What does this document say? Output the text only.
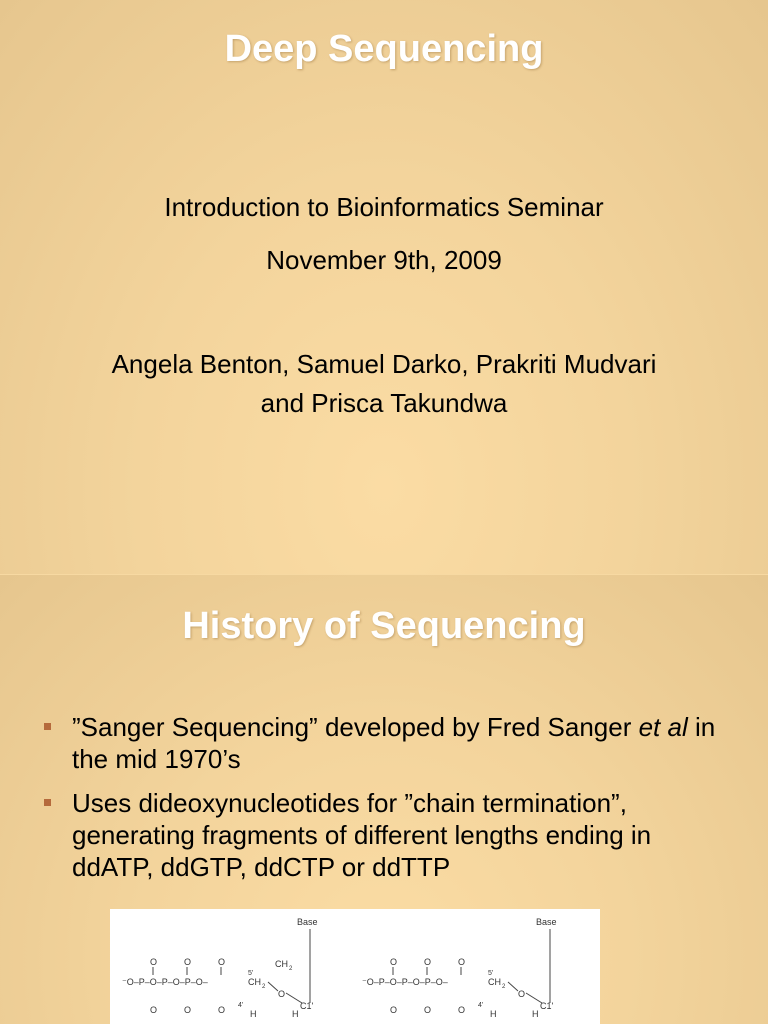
Deep Sequencing
Introduction to Bioinformatics Seminar
November 9th, 2009
Angela Benton, Samuel Darko, Prakriti Mudvari
and Prisca Takundwa
History of Sequencing
”Sanger Sequencing” developed by Fred Sanger et al in the mid 1970’s
Uses dideoxynucleotides for ”chain termination”, generating fragments of different lengths ending in ddATP, ddGTP, ddCTP or ddTTP
Base
O	O	O
⁻O–P–O–P–O–P–O–
O	O	O
CH 2
5'
CH 2
O
4'	C1'
H	H
Base
O	O	O
⁻O–P–O–P–O–P–O–
O	O	O
5'
CH 2
O
4'	C1'
H	H
